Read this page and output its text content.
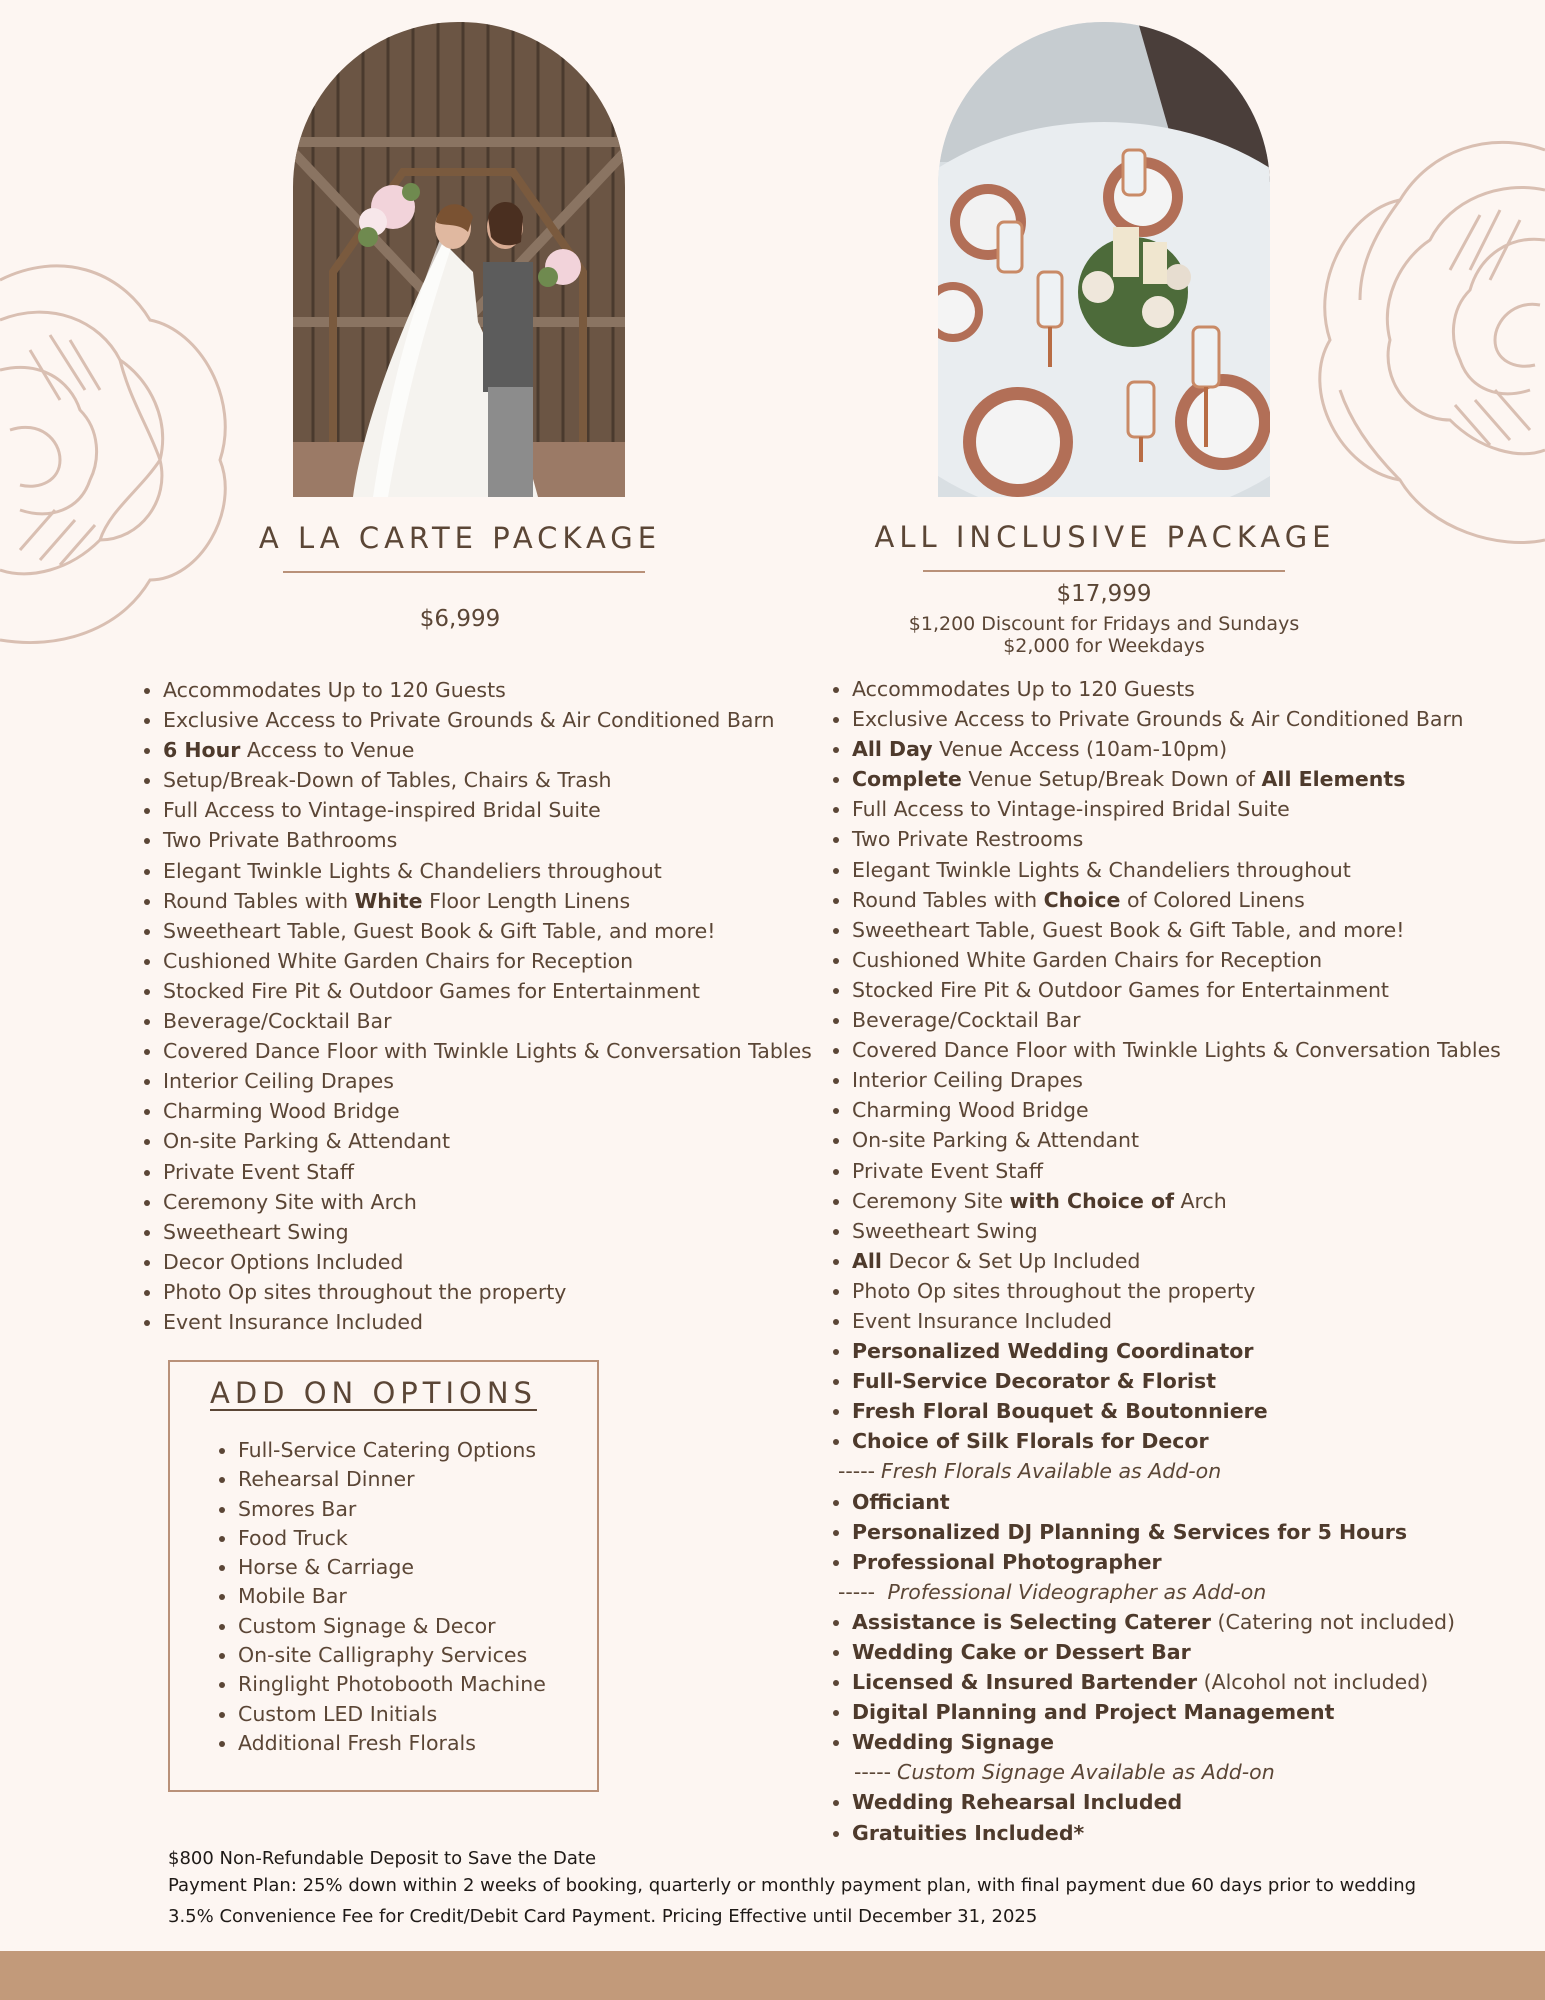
A LA CARTE PACKAGE
$6,999
ALL INCLUSIVE PACKAGE
$17,999
$1,200 Discount for Fridays and Sundays
$2,000 for Weekdays
• Accommodates Up to 120 Guests
• Exclusive Access to Private Grounds & Air Conditioned Barn
• 6 Hour Access to Venue
• Setup/Break-Down of Tables, Chairs & Trash
• Full Access to Vintage-inspired Bridal Suite
• Two Private Bathrooms
• Elegant Twinkle Lights & Chandeliers throughout
• Round Tables with White Floor Length Linens
• Sweetheart Table, Guest Book & Gift Table, and more!
• Cushioned White Garden Chairs for Reception
• Stocked Fire Pit & Outdoor Games for Entertainment
• Beverage/Cocktail Bar
• Covered Dance Floor with Twinkle Lights & Conversation Tables
• Interior Ceiling Drapes
• Charming Wood Bridge
• On-site Parking & Attendant
• Private Event Staff
• Ceremony Site with Arch
• Sweetheart Swing
• Decor Options Included
• Photo Op sites throughout the property
• Event Insurance Included
• Accommodates Up to 120 Guests
• Exclusive Access to Private Grounds & Air Conditioned Barn
• All Day Venue Access (10am-10pm)
• Complete Venue Setup/Break Down of All Elements
• Full Access to Vintage-inspired Bridal Suite
• Two Private Restrooms
• Elegant Twinkle Lights & Chandeliers throughout
• Round Tables with Choice of Colored Linens
• Sweetheart Table, Guest Book & Gift Table, and more!
• Cushioned White Garden Chairs for Reception
• Stocked Fire Pit & Outdoor Games for Entertainment
• Beverage/Cocktail Bar
• Covered Dance Floor with Twinkle Lights & Conversation Tables
• Interior Ceiling Drapes
• Charming Wood Bridge
• On-site Parking & Attendant
• Private Event Staff
• Ceremony Site with Choice of Arch
• Sweetheart Swing
• All Decor & Set Up Included
• Photo Op sites throughout the property
• Event Insurance Included
• Personalized Wedding Coordinator
• Full-Service Decorator & Florist
• Fresh Floral Bouquet & Boutonniere
• Choice of Silk Florals for Decor
----- Fresh Florals Available as Add-on
• Officiant
• Personalized DJ Planning & Services for 5 Hours
• Professional Photographer
----- Professional Videographer as Add-on
• Assistance is Selecting Caterer (Catering not included)
• Wedding Cake or Dessert Bar
• Licensed & Insured Bartender (Alcohol not included)
• Digital Planning and Project Management
• Wedding Signage
----- Custom Signage Available as Add-on
• Wedding Rehearsal Included
• Gratuities Included*
ADD ON OPTIONS
• Full-Service Catering Options
• Rehearsal Dinner
• Smores Bar
• Food Truck
• Horse & Carriage
• Mobile Bar
• Custom Signage & Decor
• On-site Calligraphy Services
• Ringlight Photobooth Machine
• Custom LED Initials
• Additional Fresh Florals
$800 Non-Refundable Deposit to Save the Date
Payment Plan: 25% down within 2 weeks of booking, quarterly or monthly payment plan, with final payment due 60 days prior to wedding
3.5% Convenience Fee for Credit/Debit Card Payment. Pricing Effective until December 31, 2025
